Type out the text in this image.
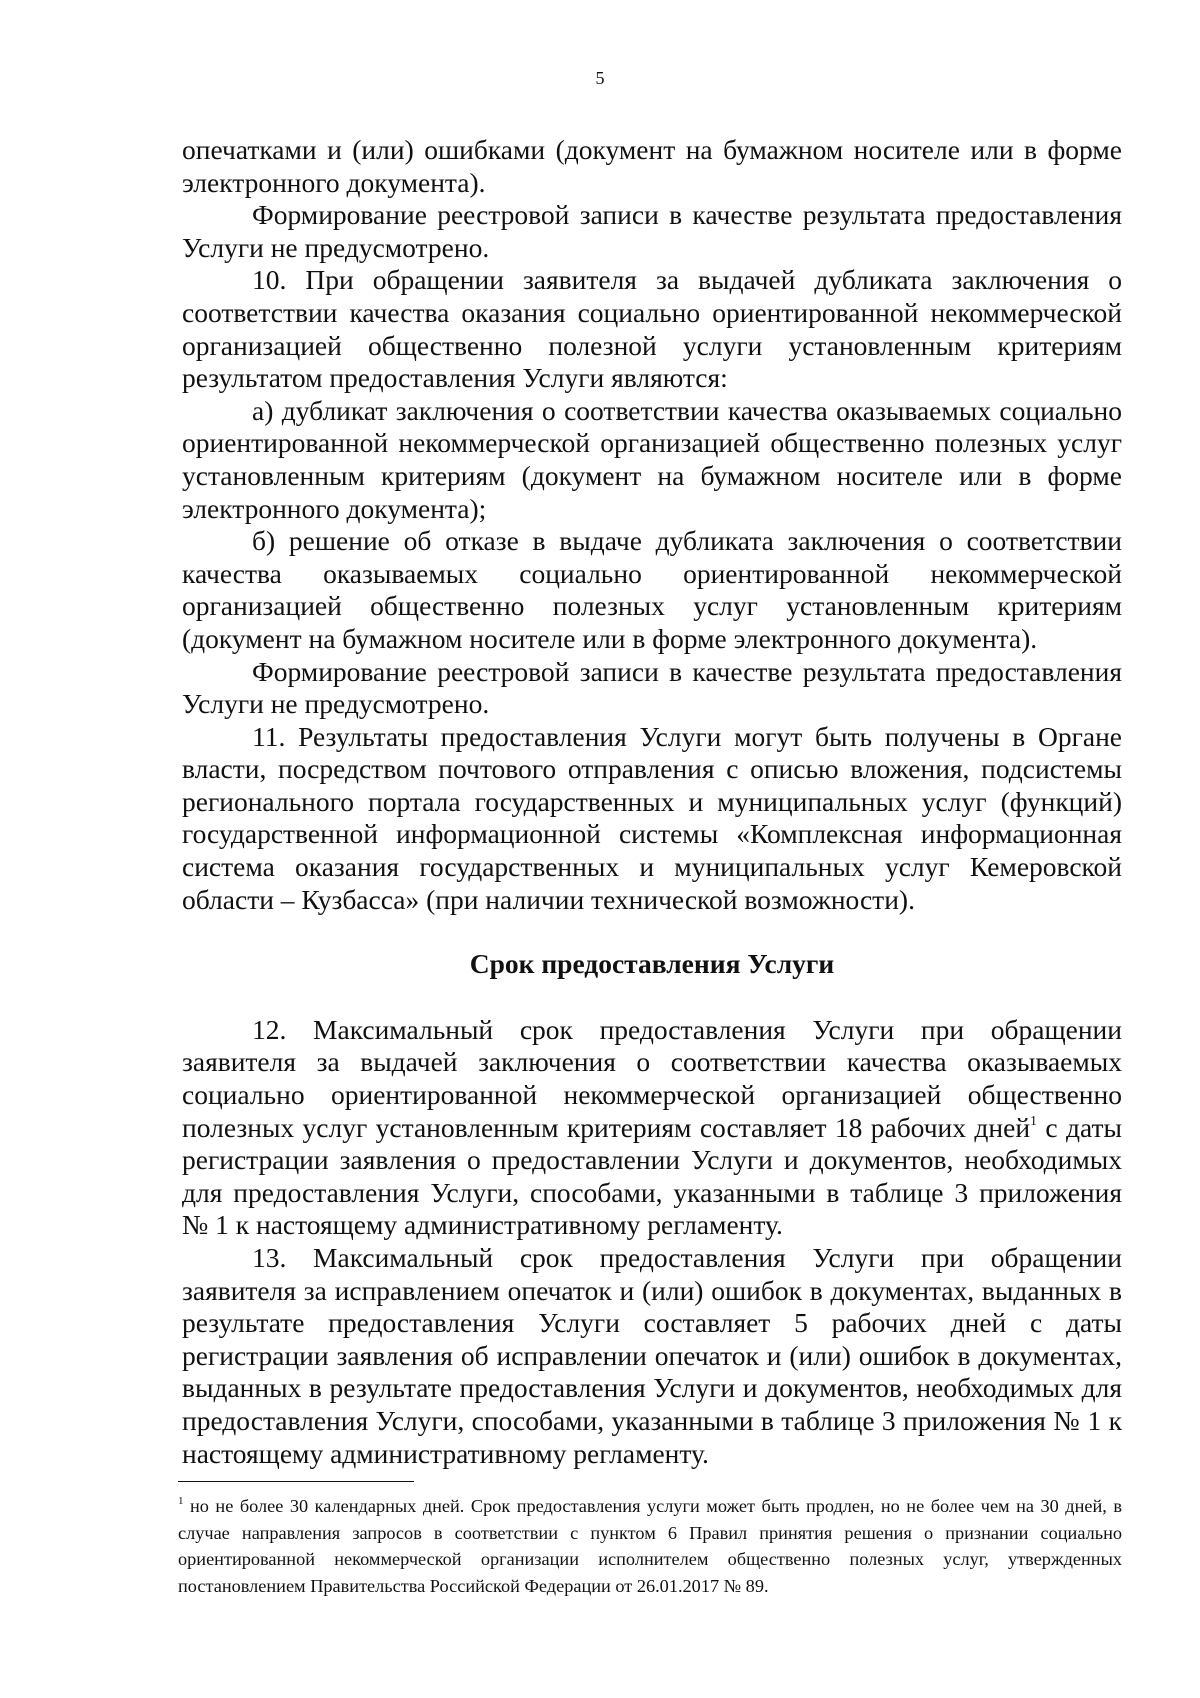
5

опечатками и (или) ошибками (документ на бумажном носителе или в форме электронного документа).

Формирование реестровой записи в качестве результата предоставления Услуги не предусмотрено.

10. При обращении заявителя за выдачей дубликата заключения о соответствии качества оказания социально ориентированной некоммерческой организацией общественно полезной услуги установленным критериям результатом предоставления Услуги являются:

а) дубликат заключения о соответствии качества оказываемых социально ориентированной некоммерческой организацией общественно полезных услуг установленным критериям (документ на бумажном носителе или в форме электронного документа);

б) решение об отказе в выдаче дубликата заключения о соответствии качества оказываемых социально ориентированной некоммерческой организацией общественно полезных услуг установленным критериям (документ на бумажном носителе или в форме электронного документа).

Формирование реестровой записи в качестве результата предоставления Услуги не предусмотрено.

11. Результаты предоставления Услуги могут быть получены в Органе власти, посредством почтового отправления с описью вложения, подсистемы регионального портала государственных и муниципальных услуг (функций) государственной информационной системы «Комплексная информационная система оказания государственных и муниципальных услуг Кемеровской области – Кузбасса» (при наличии технической возможности).

Срок предоставления Услуги

12. Максимальный срок предоставления Услуги при обращении заявителя за выдачей заключения о соответствии качества оказываемых социально ориентированной некоммерческой организацией общественно полезных услуг установленным критериям составляет 18 рабочих дней$^1$ с даты регистрации заявления о предоставлении Услуги и документов, необходимых для предоставления Услуги, способами, указанными в таблице 3 приложения № 1 к настоящему административному регламенту.

13. Максимальный срок предоставления Услуги при обращении заявителя за исправлением опечаток и (или) ошибок в документах, выданных в результате предоставления Услуги составляет 5 рабочих дней с даты регистрации заявления об исправлении опечаток и (или) ошибок в документах, выданных в результате предоставления Услуги и документов, необходимых для предоставления Услуги, способами, указанными в таблице 3 приложения № 1 к настоящему административному регламенту.

$^1$ но не более 30 календарных дней. Срок предоставления услуги может быть продлен, но не более чем на 30 дней, в случае направления запросов в соответствии с пунктом 6 Правил принятия решения о признании социально ориентированной некоммерческой организации исполнителем общественно полезных услуг, утвержденных постановлением Правительства Российской Федерации от 26.01.2017 № 89.
